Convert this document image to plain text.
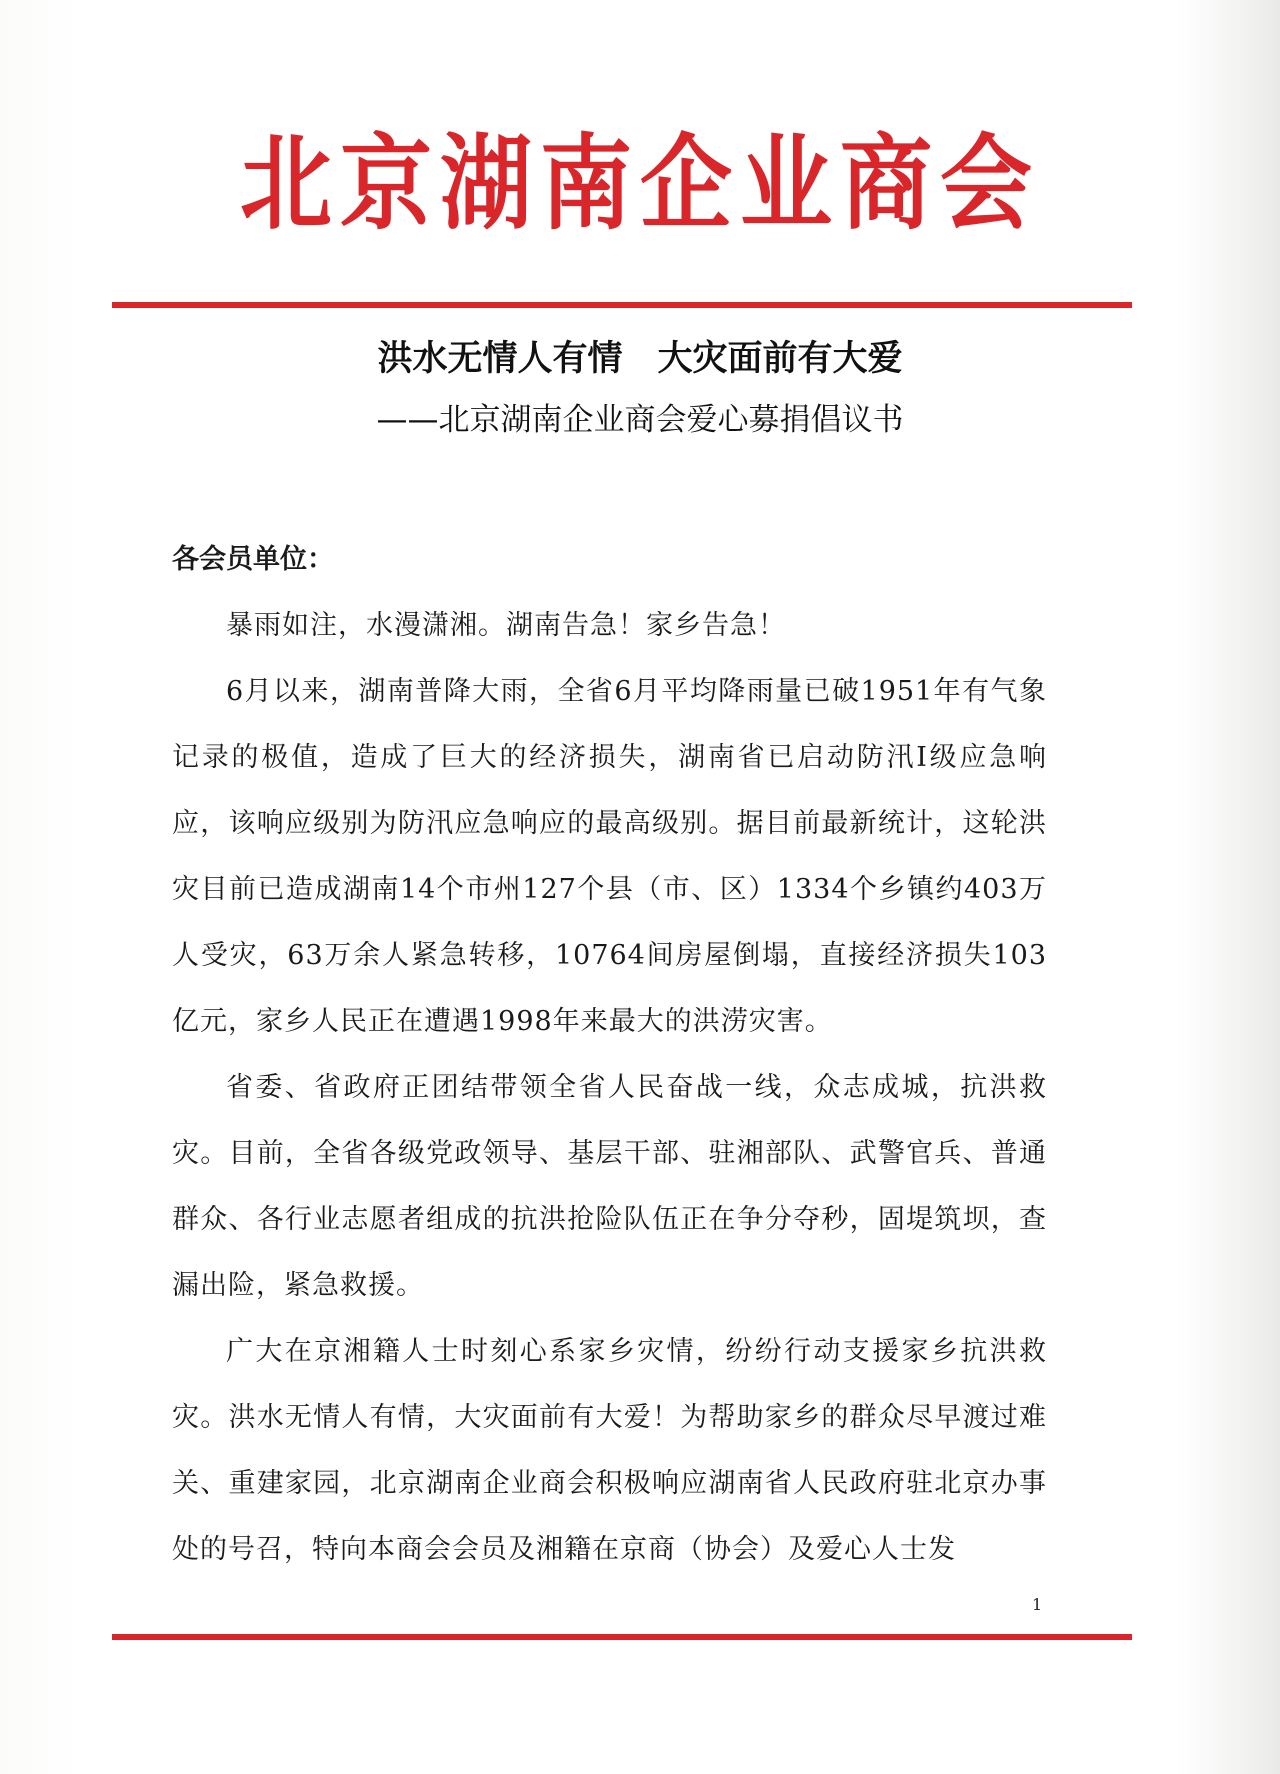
北京湖南企业商会
洪水无情人有情　大灾面前有大爱
——北京湖南企业商会爱心募捐倡议书
各会员单位：

暴雨如注，水漫潇湘。湖南告急！家乡告急！

6月以来，湖南普降大雨，全省6月平均降雨量已破1951年有气象记录的极值，造成了巨大的经济损失，湖南省已启动防汛Ⅰ级应急响应，该响应级别为防汛应急响应的最高级别。据目前最新统计，这轮洪灾目前已造成湖南14个市州127个县（市、区）1334个乡镇约403万人受灾，63万余人紧急转移，10764间房屋倒塌，直接经济损失103亿元，家乡人民正在遭遇1998年来最大的洪涝灾害。

省委、省政府正团结带领全省人民奋战一线，众志成城，抗洪救灾。目前，全省各级党政领导、基层干部、驻湘部队、武警官兵、普通群众、各行业志愿者组成的抗洪抢险队伍正在争分夺秒，固堤筑坝，查漏出险，紧急救援。

广大在京湘籍人士时刻心系家乡灾情，纷纷行动支援家乡抗洪救灾。洪水无情人有情，大灾面前有大爱！为帮助家乡的群众尽早渡过难关、重建家园，北京湖南企业商会积极响应湖南省人民政府驻北京办事处的号召，特向本商会会员及湘籍在京商（协会）及爱心人士发

1
